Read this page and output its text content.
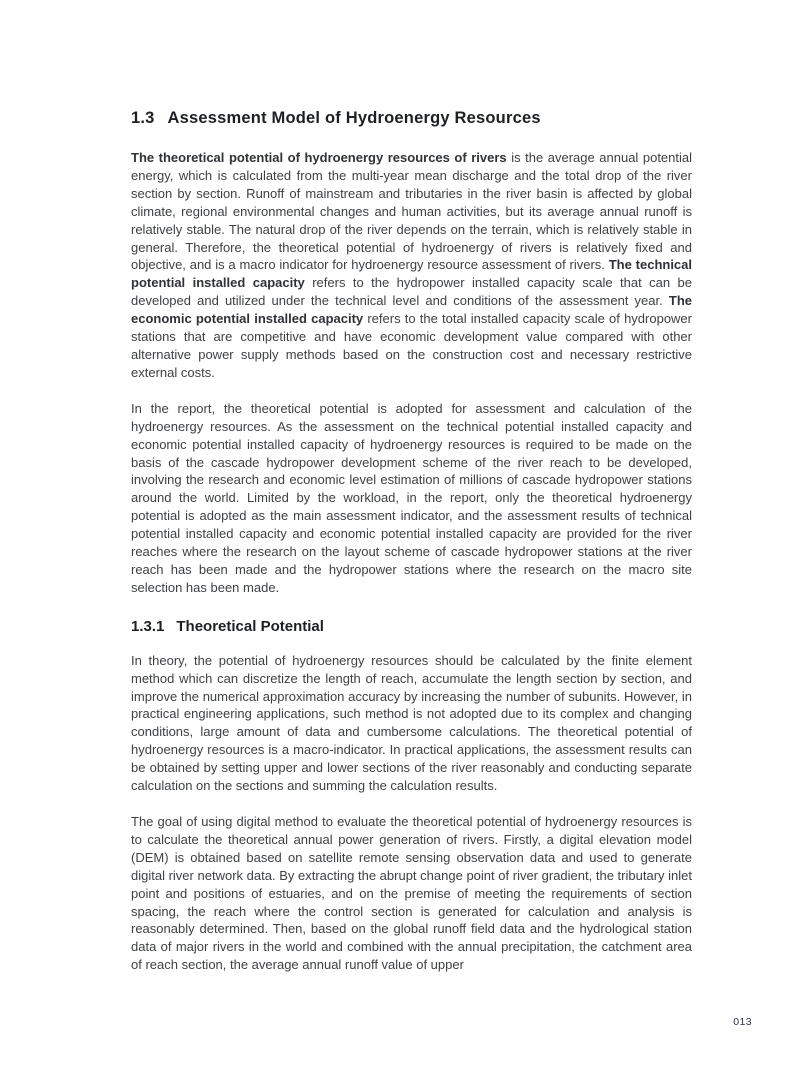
1.3 Assessment Model of Hydroenergy Resources

The theoretical potential of hydroenergy resources of rivers is the average annual potential energy, which is calculated from the multi-year mean discharge and the total drop of the river section by section. Runoff of mainstream and tributaries in the river basin is affected by global climate, regional environmental changes and human activities, but its average annual runoff is relatively stable. The natural drop of the river depends on the terrain, which is relatively stable in general. Therefore, the theoretical potential of hydroenergy of rivers is relatively fixed and objective, and is a macro indicator for hydroenergy resource assessment of rivers. The technical potential installed capacity refers to the hydropower installed capacity scale that can be developed and utilized under the technical level and conditions of the assessment year. The economic potential installed capacity refers to the total installed capacity scale of hydropower stations that are competitive and have economic development value compared with other alternative power supply methods based on the construction cost and necessary restrictive external costs.

In the report, the theoretical potential is adopted for assessment and calculation of the hydroenergy resources. As the assessment on the technical potential installed capacity and economic potential installed capacity of hydroenergy resources is required to be made on the basis of the cascade hydropower development scheme of the river reach to be developed, involving the research and economic level estimation of millions of cascade hydropower stations around the world. Limited by the workload, in the report, only the theoretical hydroenergy potential is adopted as the main assessment indicator, and the assessment results of technical potential installed capacity and economic potential installed capacity are provided for the river reaches where the research on the layout scheme of cascade hydropower stations at the river reach has been made and the hydropower stations where the research on the macro site selection has been made.

1.3.1 Theoretical Potential

In theory, the potential of hydroenergy resources should be calculated by the finite element method which can discretize the length of reach, accumulate the length section by section, and improve the numerical approximation accuracy by increasing the number of subunits. However, in practical engineering applications, such method is not adopted due to its complex and changing conditions, large amount of data and cumbersome calculations. The theoretical potential of hydroenergy resources is a macro-indicator. In practical applications, the assessment results can be obtained by setting upper and lower sections of the river reasonably and conducting separate calculation on the sections and summing the calculation results.

The goal of using digital method to evaluate the theoretical potential of hydroenergy resources is to calculate the theoretical annual power generation of rivers. Firstly, a digital elevation model (DEM) is obtained based on satellite remote sensing observation data and used to generate digital river network data. By extracting the abrupt change point of river gradient, the tributary inlet point and positions of estuaries, and on the premise of meeting the requirements of section spacing, the reach where the control section is generated for calculation and analysis is reasonably determined. Then, based on the global runoff field data and the hydrological station data of major rivers in the world and combined with the annual precipitation, the catchment area of reach section, the average annual runoff value of upper

013
